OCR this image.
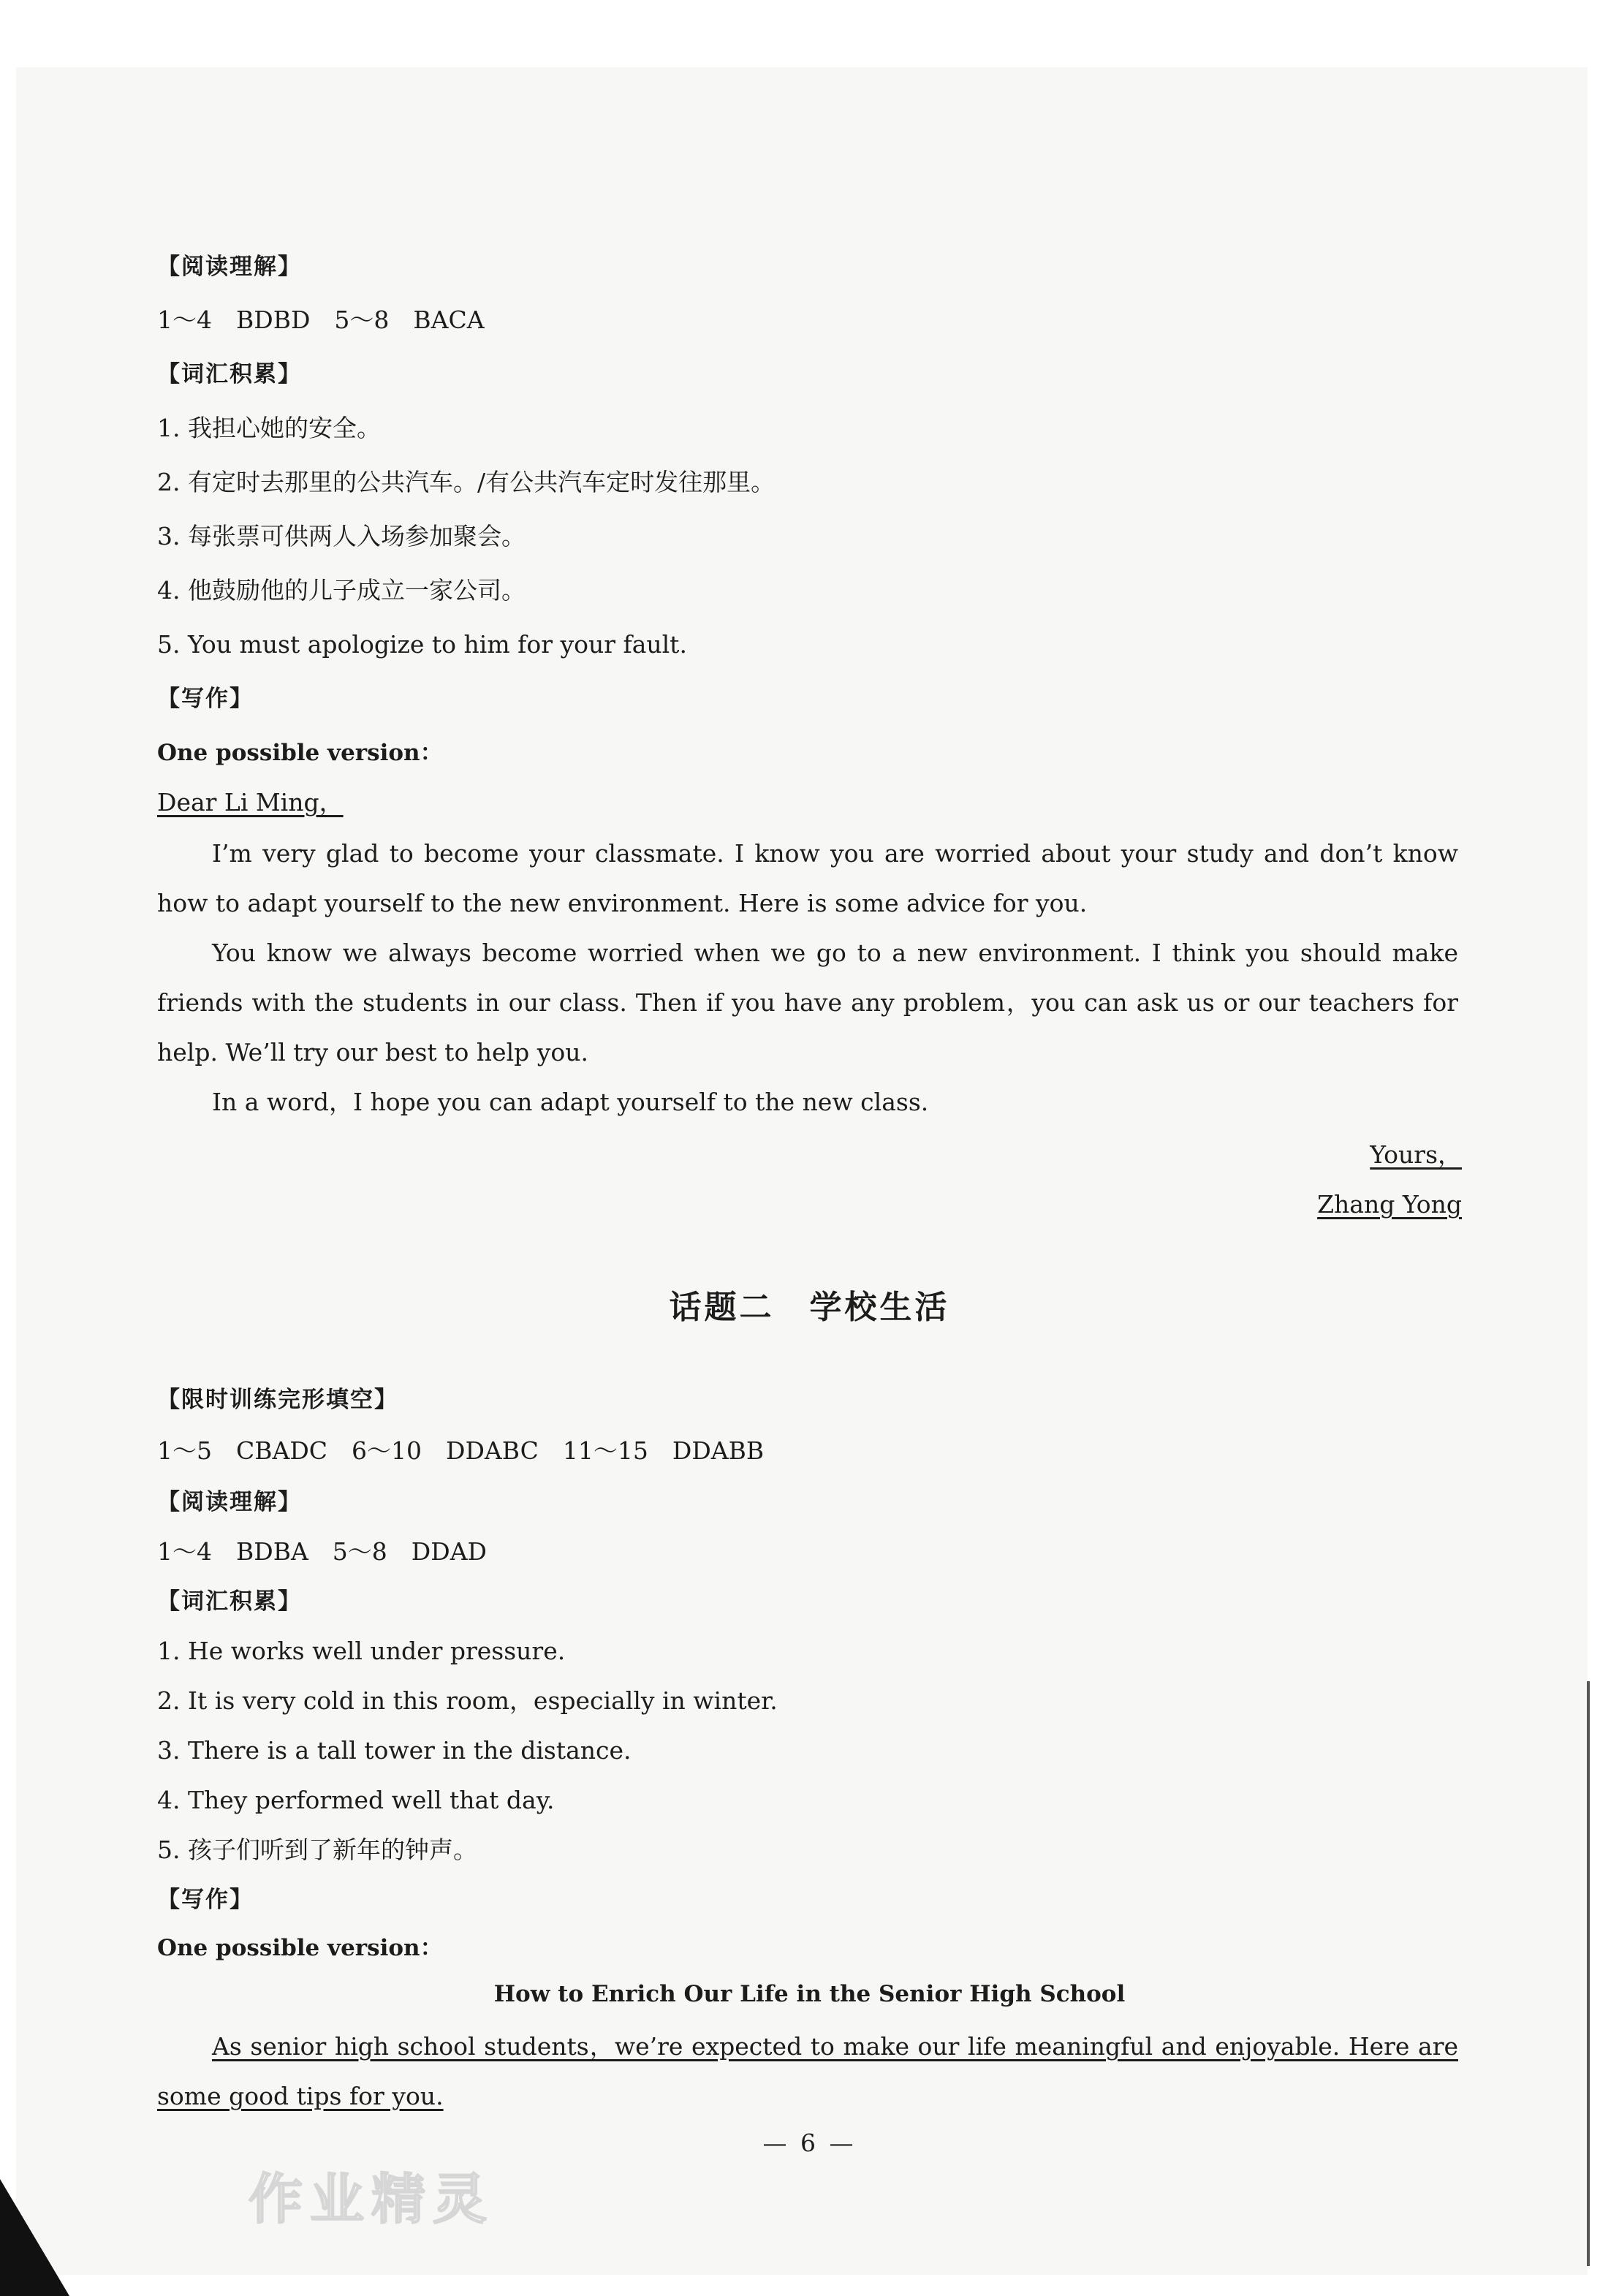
【阅读理解】
1～4　BDBD　5～8　BACA
【词汇积累】
1. 我担心她的安全。
2. 有定时去那里的公共汽车。/有公共汽车定时发往那里。
3. 每张票可供两人入场参加聚会。
4. 他鼓励他的儿子成立一家公司。
5. You must apologize to him for your fault.
【写作】
One possible version：
Dear Li Ming，
I’m very glad to become your classmate. I know you are worried about your study and don’t know how to adapt yourself to the new environment. Here is some advice for you.
You know we always become worried when we go to a new environment. I think you should make friends with the students in our class. Then if you have any problem，you can ask us or our teachers for help. We’ll try our best to help you.
In a word，I hope you can adapt yourself to the new class.
Yours，
Zhang Yong
话题二　学校生活
【限时训练完形填空】
1～5　CBADC　6～10　DDABC　11～15　DDABB
【阅读理解】
1～4　BDBA　5～8　DDAD
【词汇积累】
1. He works well under pressure.
2. It is very cold in this room，especially in winter.
3. There is a tall tower in the distance.
4. They performed well that day.
5. 孩子们听到了新年的钟声。
【写作】
One possible version：
How to Enrich Our Life in the Senior High School
As senior high school students，we’re expected to make our life meaningful and enjoyable. Here are some good tips for you.
— 6 —
作业精灵
